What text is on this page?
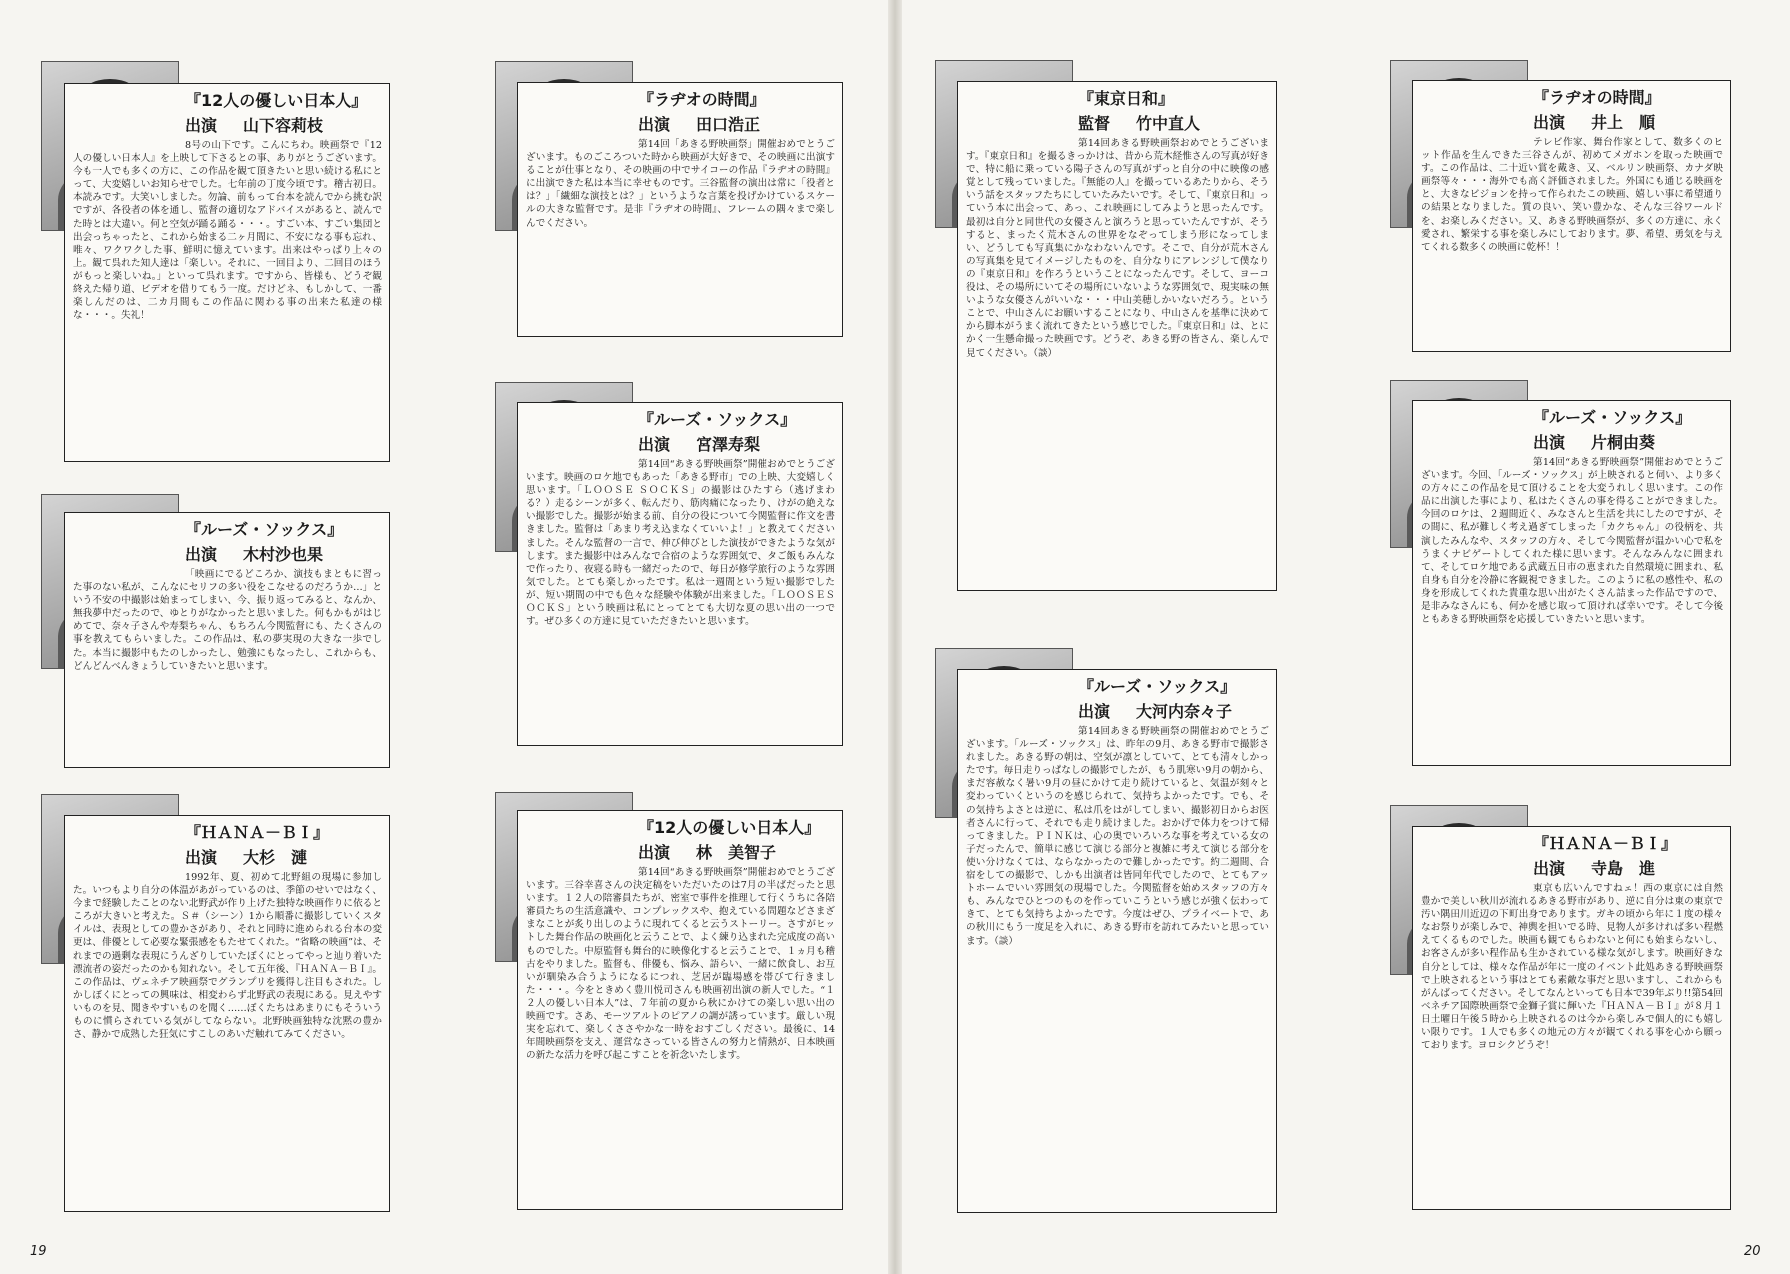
『12人の優しい日本人』
出演 山下容莉枝

8号の山下です。こんにちわ。映画祭で『12人の優しい日本人』を上映して下さるとの事、ありがとうございます。今も一人でも多くの方に、この作品を観て頂きたいと思い続ける私にとって、大変嬉しいお知らせでした。七年前の丁度今頃です。稽古初日。本読みです。大笑いしました。勿論、前もって台本を読んでから挑む訳ですが、各役者の体を通し、監督の適切なアドバイスがあると、読んでた時とは大違い。何と空気が踊る踊る・・・。すごい本、すごい集団と出会っちゃったと、これから始まる二ヶ月間に、不安になる事も忘れ、唯々、ワクワクした事、鮮明に憶えています。出来はやっぱり上々の上。観て呉れた知人達は「楽しい。それに、一回目より、二回目のほうがもっと楽しいね。」といって呉れます。ですから、皆様も、どうぞ観終えた帰り道、ビデオを借りてもう一度。だけどネ、もしかして、一番楽しんだのは、二カ月間もこの作品に関わる事の出来た私達の様な・・・。失礼！

『ルーズ・ソックス』
出演 木村沙也果

「映画にでるどころか、演技もまともに習った事のない私が、こんなにセリフの多い役をこなせるのだろうか…」という不安の中撮影は始まってしまい、今、振り返ってみると、なんか、無我夢中だったので、ゆとりがなかったと思いました。何もかもがはじめてで、奈々子さんや寿梨ちゃん、もちろん今関監督にも、たくさんの事を教えてもらいました。この作品は、私の夢実現の大きな一歩でした。本当に撮影中もたのしかったし、勉強にもなったし、これからも、どんどんべんきょうしていきたいと思います。

『ＨＡＮＡ－ＢＩ』
出演 大杉　漣

1992年、夏、初めて北野組の現場に参加した。いつもより自分の体温があがっているのは、季節のせいではなく、今まで経験したことのない北野武が作り上げた独特な映画作りに依るところが大きいと考えた。Ｓ＃（シーン）1から順番に撮影していくスタイルは、表現としての豊かさがあり、それと同時に進められる台本の変更は、俳優として必要な緊張感をもたせてくれた。“省略の映画”は、それまでの過剰な表現にうんざりしていたぼくにとってやっと辿り着いた漂流者の姿だったのかも知れない。そして五年後、『ＨＡＮＡ－ＢＩ』。この作品は、ヴェネチア映画祭でグランプリを獲得し注目もされた。しかしぼくにとっての興味は、相変わらず北野武の表現にある。見えやすいものを見、聞きやすいものを聞く……ぼくたちはあまりにもそういうものに慣らされている気がしてならない。北野映画独特な沈黙の豊かさ、静かで成熟した狂気にすこしのあいだ触れてみてください。

『ラヂオの時間』
出演 田口浩正

第14回「あきる野映画祭」開催おめでとうございます。ものごころついた時から映画が大好きで、その映画に出演することが仕事となり、その映画の中でサイコーの作品『ラヂオの時間』に出演できた私は本当に幸せものです。三谷監督の演出は常に「役者とは？」「繊細な演技とは？」というような言葉を投げかけているスケールの大きな監督です。是非『ラヂオの時間』、フレームの隅々まで楽しんでください。

『ルーズ・ソックス』
出演 宮澤寿梨

第14回“あきる野映画祭”開催おめでとうございます。映画のロケ地でもあった「あきる野市」での上映、大変嬉しく思います。「ＬＯＯＳＥ ＳＯＣＫＳ」の撮影はひたすら（逃げまわる？）走るシーンが多く、転んだり、筋肉痛になったり、けがの絶えない撮影でした。撮影が始まる前、自分の役について今関監督に作文を書きました。監督は「あまり考え込まなくていいよ！」と教えてくださいました。そんな監督の一言で、伸び伸びとした演技ができたような気がします。また撮影中はみんなで合宿のような雰囲気で、タご飯もみんなで作ったり、夜寝る時も一緒だったので、毎日が修学旅行のような雰囲気でした。とても楽しかったです。私は一週間という短い撮影でしたが、短い期間の中でも色々な経験や体験が出来ました。「ＬＯＯＳＥＳＯＣＫＳ」という映画は私にとってとても大切な夏の思い出の一つです。ぜひ多くの方達に見ていただきたいと思います。

『12人の優しい日本人』
出演 林　美智子

第14回“あきる野映画祭”開催おめでとうございます。三谷幸喜さんの決定稿をいただいたのは7月の半ばだったと思います。１２人の陪審員たちが、密室で事件を推理して行くうちに各陪審員たちの生活意識や、コンプレックスや、抱えている問題などさまざまなことが炙り出しのように現れてくると云うストーリー。さすがヒットした舞台作品の映画化と云うことで、よく練り込まれた完成度の高いものでした。中原監督も舞台的に映像化すると云うことで、１ヵ月も稽古をやりました。監督も、俳優も、悩み、語らい、一緒に飲食し、お互いが馴染み合うようになるにつれ、芝居が臨場感を帯びて行きました・・・。今をときめく豊川悦司さんも映画初出演の新人でした。“１２人の優しい日本人”は、７年前の夏から秋にかけての楽しい思い出の映画です。さあ、モーツアルトのピアノの調が誘っています。厳しい現実を忘れて、楽しくささやかな一時をおすごしください。最後に、14年間映画祭を支え、運営なさっている皆さんの努力と情熱が、日本映画の新たな活力を呼び起こすことを祈念いたします。

19
『東京日和』
監督 竹中直人

第14回あきる野映画祭おめでとうございます。『東京日和』を撮るきっかけは、昔から荒木経惟さんの写真が好きで、特に船に乗っている陽子さんの写真がずっと自分の中に映像の感覚として残っていました。『無能の人』を撮っているあたりから、そういう話をスタッフたちにしていたみたいです。そして、『東京日和』っていう本に出会って、あっ、これ映画にしてみようと思ったんです。最初は自分と同世代の女優さんと演ろうと思っていたんですが、そうすると、まったく荒木さんの世界をなぞってしまう形になってしまい、どうしても写真集にかなわないんです。そこで、自分が荒木さんの写真集を見てイメージしたものを、自分なりにアレンジして僕なりの『東京日和』を作ろうということになったんです。そして、ヨーコ役は、その場所にいてその場所にいないような雰囲気で、現実味の無いような女優さんがいいな・・・中山美穂しかいないだろう。ということで、中山さんにお願いすることになり、中山さんを基準に決めてから脚本がうまく流れてきたという感じでした。『東京日和』は、とにかく一生懸命撮った映画です。どうぞ、あきる野の皆さん、楽しんで見てください。（談）

『ルーズ・ソックス』
出演 大河内奈々子

第14回あきる野映画祭の開催おめでとうございます。「ルーズ・ソックス」は、昨年の9月、あきる野市で撮影されました。あきる野の朝は、空気が凛としていて、とても清々しかったです。毎日走りっぱなしの撮影でしたが、もう肌寒い9月の朝から、まだ容赦なく暑い9月の昼にかけて走り続けていると、気温が刻々と変わっていくというのを感じられて、気持ちよかったです。でも、その気持ちよさとは逆に、私は爪をはがしてしまい、撮影初日からお医者さんに行って、それでも走り続けました。おかげで体力をつけて帰ってきました。ＰＩＮＫは、心の奥でいろいろな事を考えている女の子だったんで、簡単に感じて演じる部分と複雑に考えて演じる部分を使い分けなくては、ならなかったので難しかったです。約二週間、合宿をしての撮影で、しかも出演者は皆同年代でしたので、とてもアットホームでいい雰囲気の現場でした。今関監督を始めスタッフの方々も、みんなでひとつのものを作っていこうという感じが強く伝わってきて、とても気持ちよかったです。今度はぜひ、プライベートで、あの秋川にもう一度足を入れに、あきる野市を訪れてみたいと思っています。（談）

『ラヂオの時間』
出演 井上　順

テレビ作家、舞台作家として、数多くのヒット作品を生んできた三谷さんが、初めてメガホンを取った映画です。この作品は、二十近い賞を戴き、又、ベルリン映画祭、カナダ映画祭等々・・・海外でも高く評価されました。外国にも通じる映画をと、大きなビジョンを持って作られたこの映画、嬉しい事に希望通りの結果となりました。質の良い、笑い豊かな、そんな三谷ワールドを、お楽しみください。又、あきる野映画祭が、多くの方達に、永く愛され、繁栄する事を楽しみにしております。夢、希望、勇気を与えてくれる数多くの映画に乾杯！！

『ルーズ・ソックス』
出演 片桐由葵

第14回“あきる野映画祭”開催おめでとうございます。今回、「ルーズ・ソックス」が上映されると伺い、より多くの方々にこの作品を見て頂けることを大変うれしく思います。この作品に出演した事により、私はたくさんの事を得ることができました。今回のロケは、２週間近く、みなさんと生活を共にしたのですが、その間に、私が難しく考え過ぎてしまった「カクちゃん」の役柄を、共演したみんなや、スタッフの方々、そして今関監督が温かい心で私をうまくナビゲートしてくれた様に思います。そんなみんなに囲まれて、そしてロケ地である武蔵五日市の恵まれた自然環境に囲まれ、私自身も自分を冷静に客観視できました。このように私の感性や、私の身を形成してくれた貴重な思い出がたくさん詰まった作品ですので、是非みなさんにも、何かを感じ取って頂ければ幸いです。そして今後ともあきる野映画祭を応援していきたいと思います。

『ＨＡＮＡ－ＢＩ』
出演 寺島　進

東京も広いんですねェ！西の東京には自然豊かで美しい秋川が流れるあきる野市があり、逆に自分は東の東京で汚い隅田川近辺の下町出身であります。ガキの頃から年に１度の様々なお祭りが楽しみで、神輿を担いでる時、見物人が多ければ多い程燃えてくるものでした。映画も観てもらわないと何にも始まらないし、お客さんが多い程作品も生かされている様な気がします。映画好きな自分としては、様々な作品が年に一度のイベント此処あきる野映画祭で上映されるという事はとても素敵な事だと思いますし、これからもがんばってください。そしてなんといっても日本で39年ぶり!!第54回ベネチア国際映画祭で金獅子賞に輝いた『ＨＡＮＡ－ＢＩ』が８月１日土曜日午後５時から上映されるのは今から楽しみで個人的にも嬉しい限りです。１人でも多くの地元の方々が観てくれる事を心から願っております。ヨロシクどうぞ！

20
